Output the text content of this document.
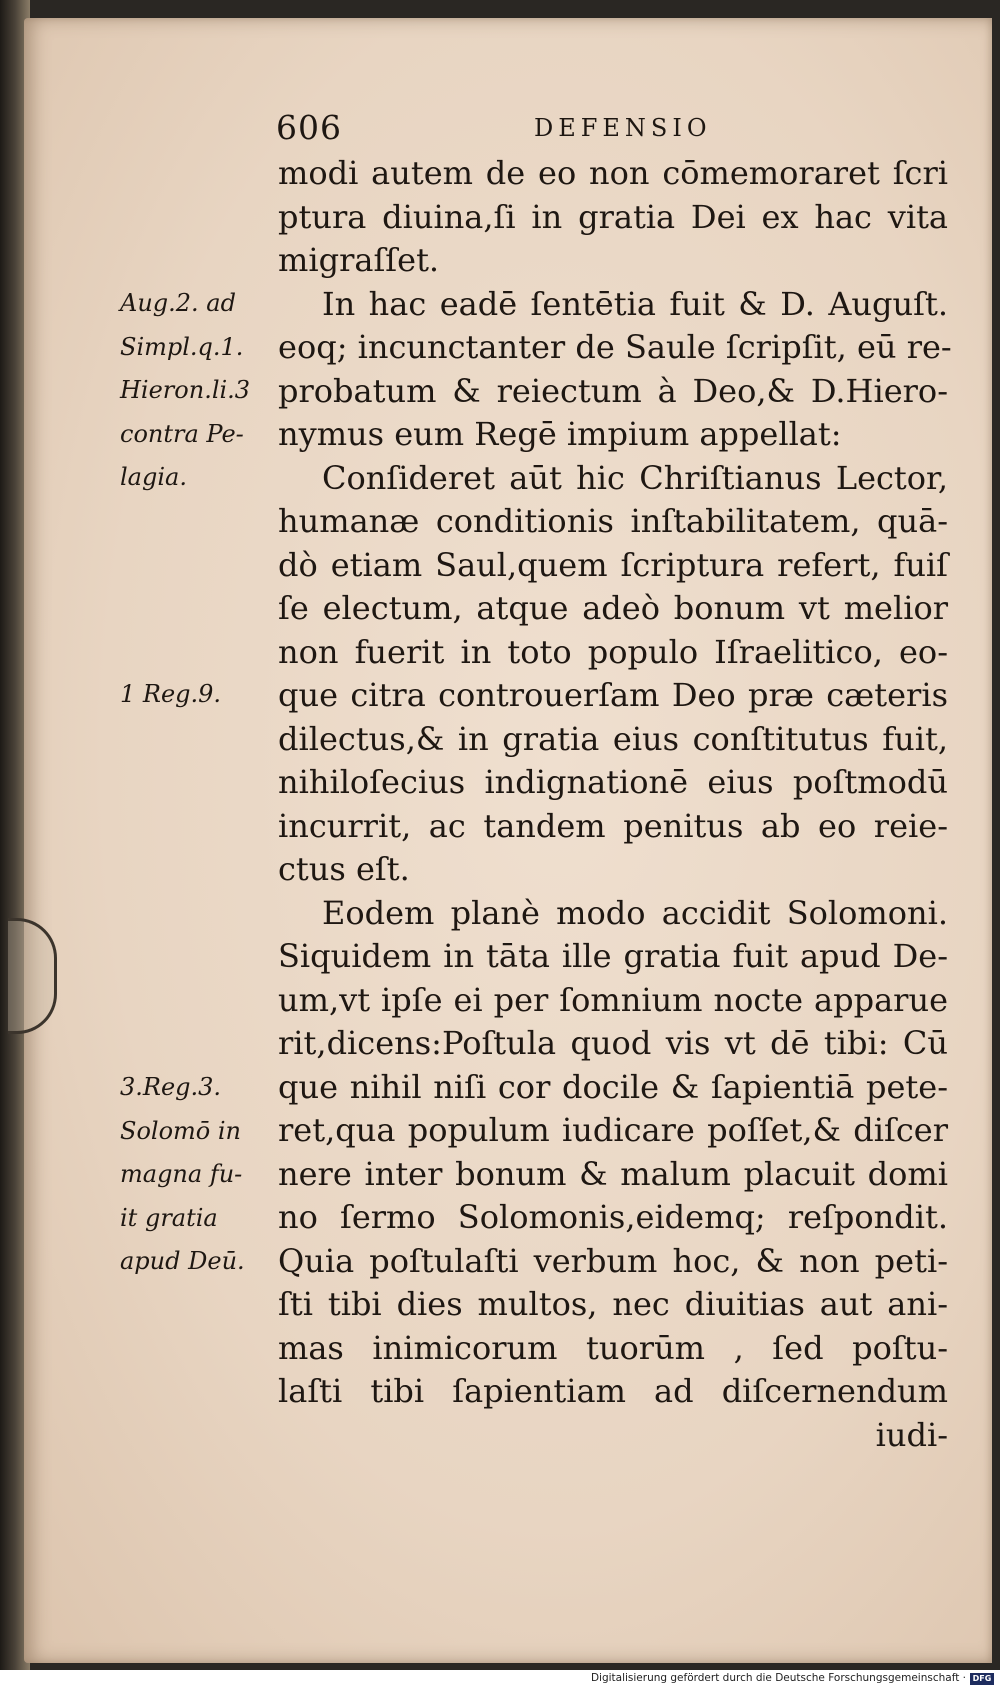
606	DEFENSIO
modi autem de eo non cōmemoraret ſcri
ptura diuina,ſi in gratia Dei ex hac vita
migraſſet.
In hac eadē ſentētia fuit & D. Auguſt.
eoq; incunctanter de Saule ſcripſit, eū re-
probatum & reiectum à Deo,& D.Hiero-
nymus eum Regē impium appellat:
Conſideret aūt hic Chriſtianus Lector,
humanæ conditionis inſtabilitatem, quā-
dò etiam Saul,quem ſcriptura refert, fuiſ
ſe electum, atque adeò bonum vt melior
non fuerit in toto populo Iſraelitico, eo-
que citra controuerſam Deo præ cæteris
dilectus,& in gratia eius conſtitutus fuit,
nihiloſecius indignationē eius poſtmodū
incurrit, ac tandem penitus ab eo reie-
ctus eſt.
Eodem planè modo accidit Solomoni.
Siquidem in tāta ille gratia fuit apud De-
um,vt ipſe ei per ſomnium nocte apparue
rit,dicens:Poſtula quod vis vt dē tibi: Cū
que nihil niſi cor docile & ſapientiā pete-
ret,qua populum iudicare poſſet,& diſcer
nere inter bonum & malum placuit domi
no ſermo Solomonis,eidemq; reſpondit.
Quia poſtulaſti verbum hoc, & non peti-
ſti tibi dies multos, nec diuitias aut ani-
mas inimicorum tuorūm , ſed poſtu-
laſti tibi ſapientiam ad diſcernendum
iudi-
Aug.2. ad
Simpl.q.1.
Hieron.li.3
contra Pe-
lagia.
1 Reg.9.
3.Reg.3.
Solomō in
magna fu-
it gratia
apud Deū.
Digitalisierung gefördert durch die Deutsche Forschungsgemeinschaft · DFG
